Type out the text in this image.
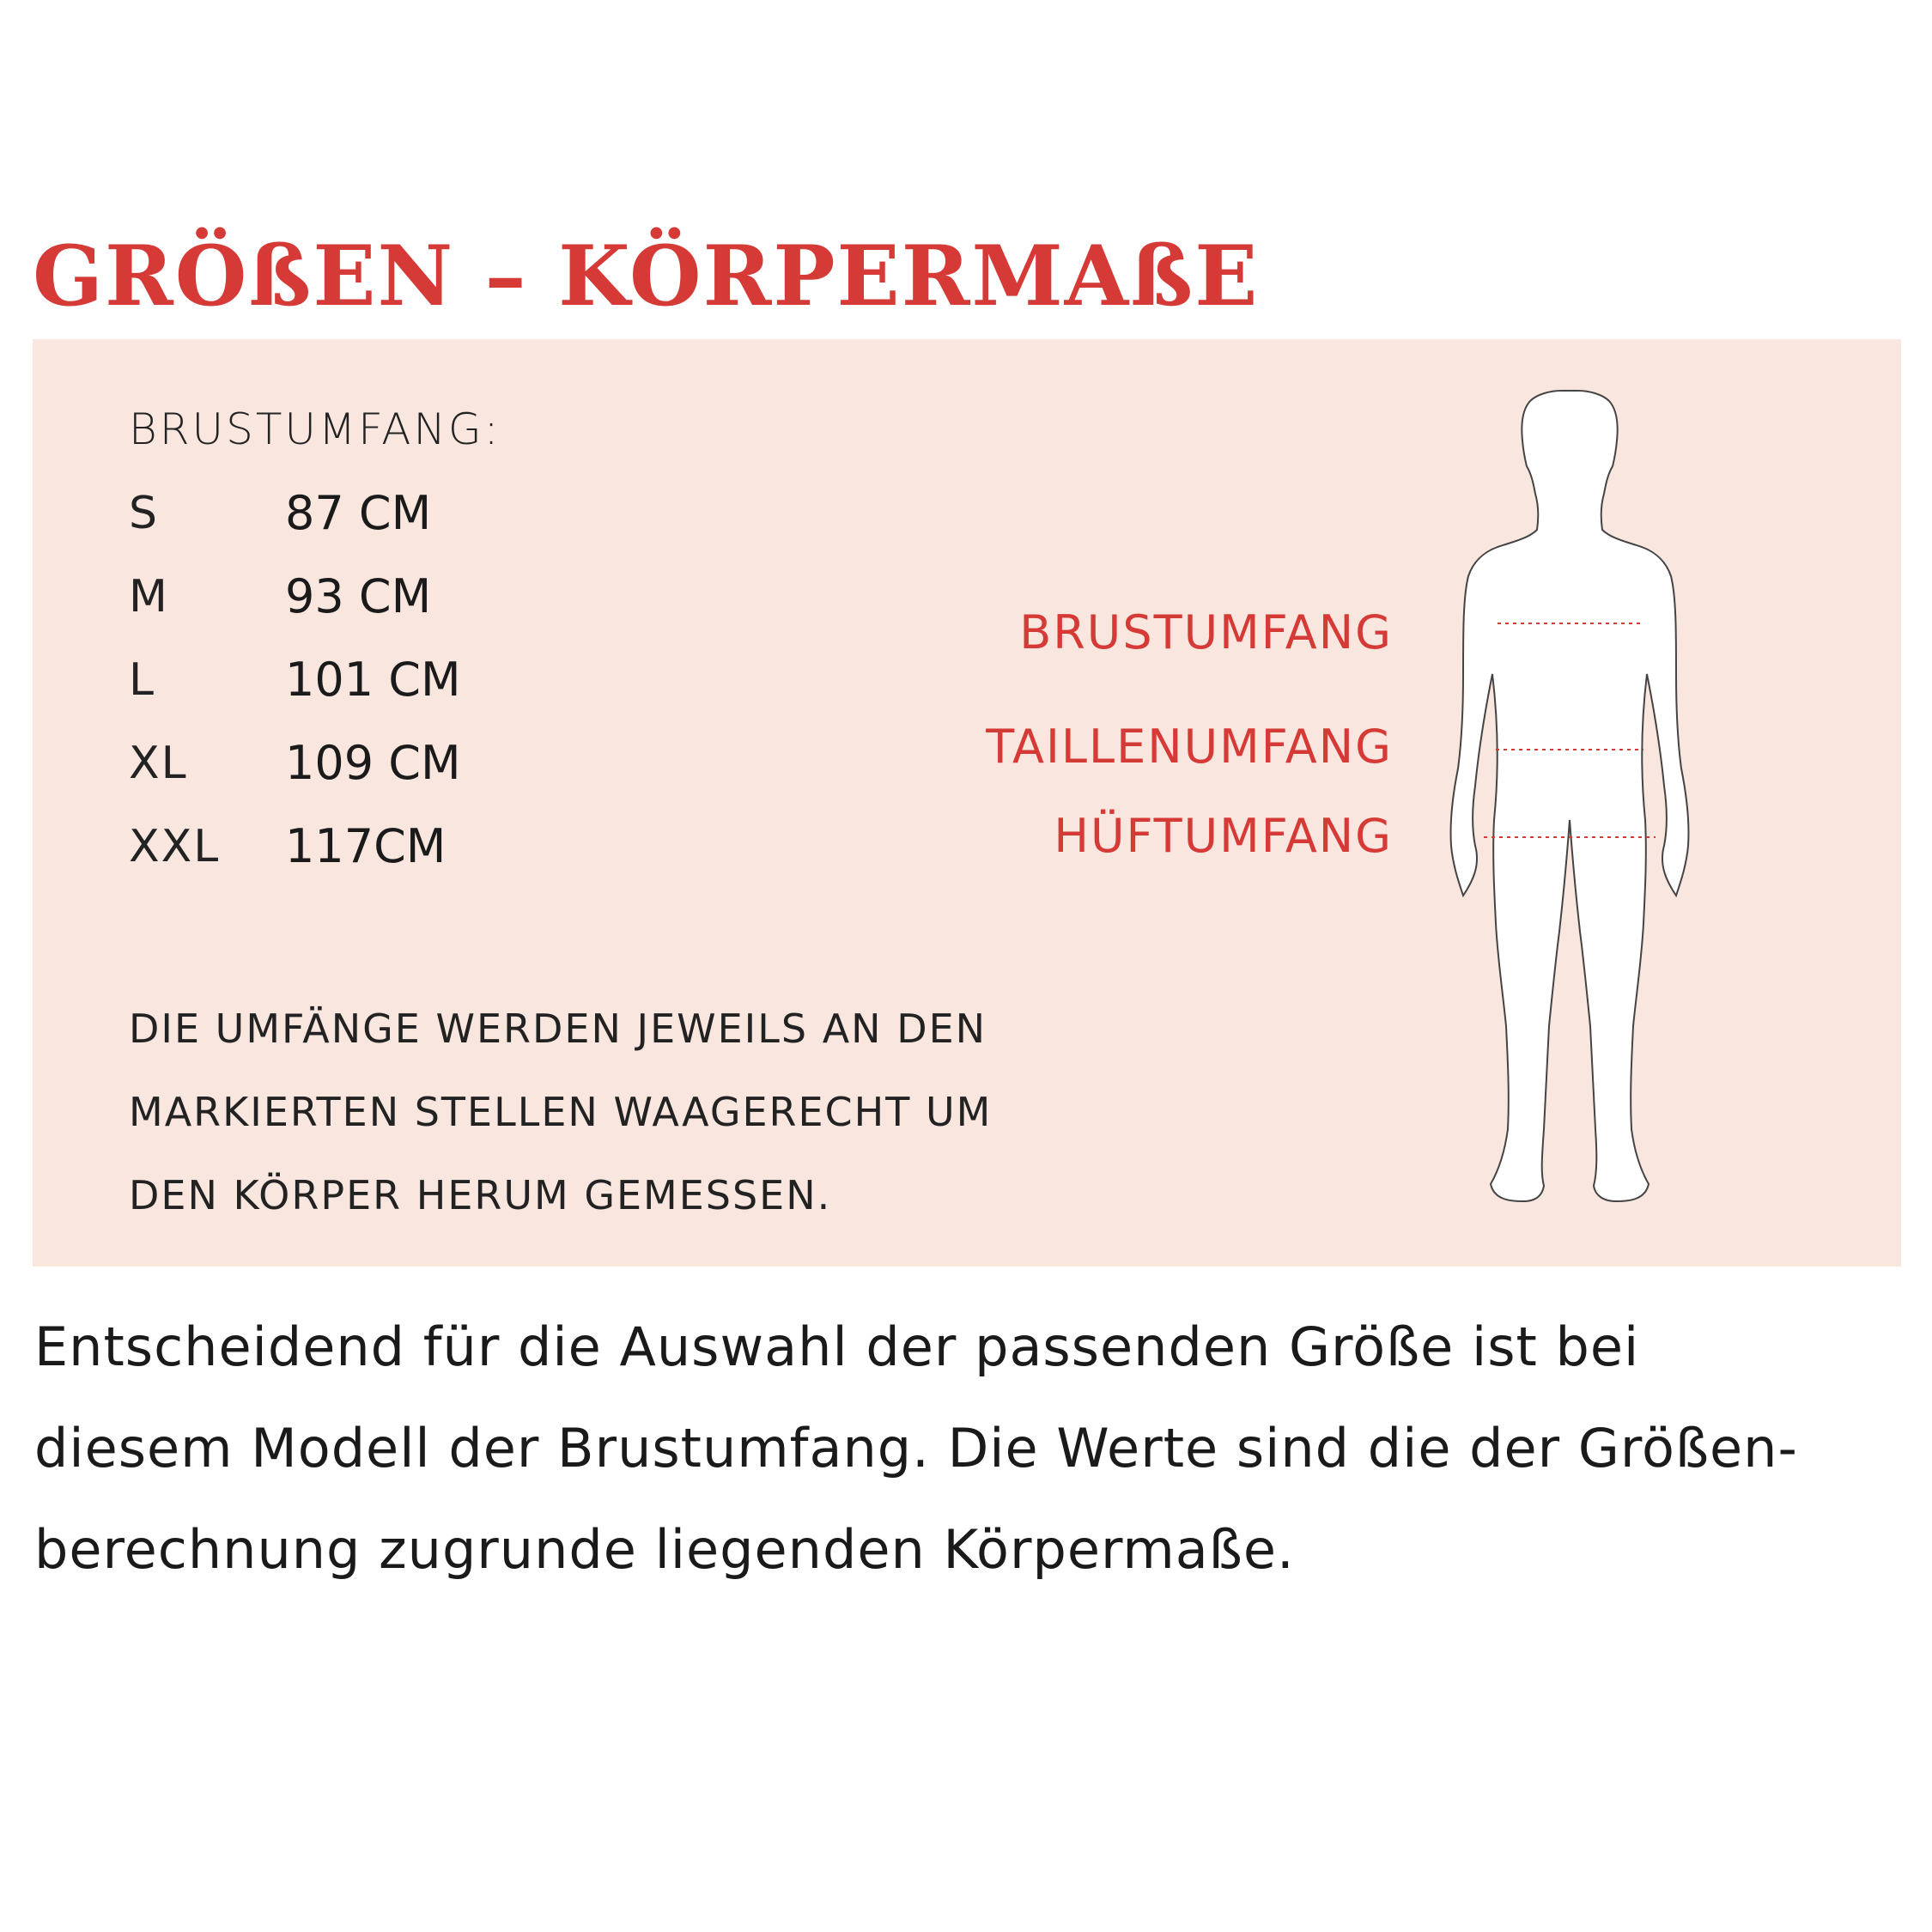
GRÖßEN – KÖRPERMAßE
BRUSTUMFANG:
S	87 CM
M	93 CM
L	101 CM
XL 109 CM
XXL 117CM
DIE UMFÄNGE WERDEN JEWEILS AN DEN
MARKIERTEN STELLEN WAAGERECHT UM
DEN KÖRPER HERUM GEMESSEN.
BRUSTUMFANG
TAILLENUMFANG
HÜFTUMFANG
Entscheidend für die Auswahl der passenden Größe ist bei
diesem Modell der Brustumfang. Die Werte sind die der Größen-
berechnung zugrunde liegenden Körpermaße.
